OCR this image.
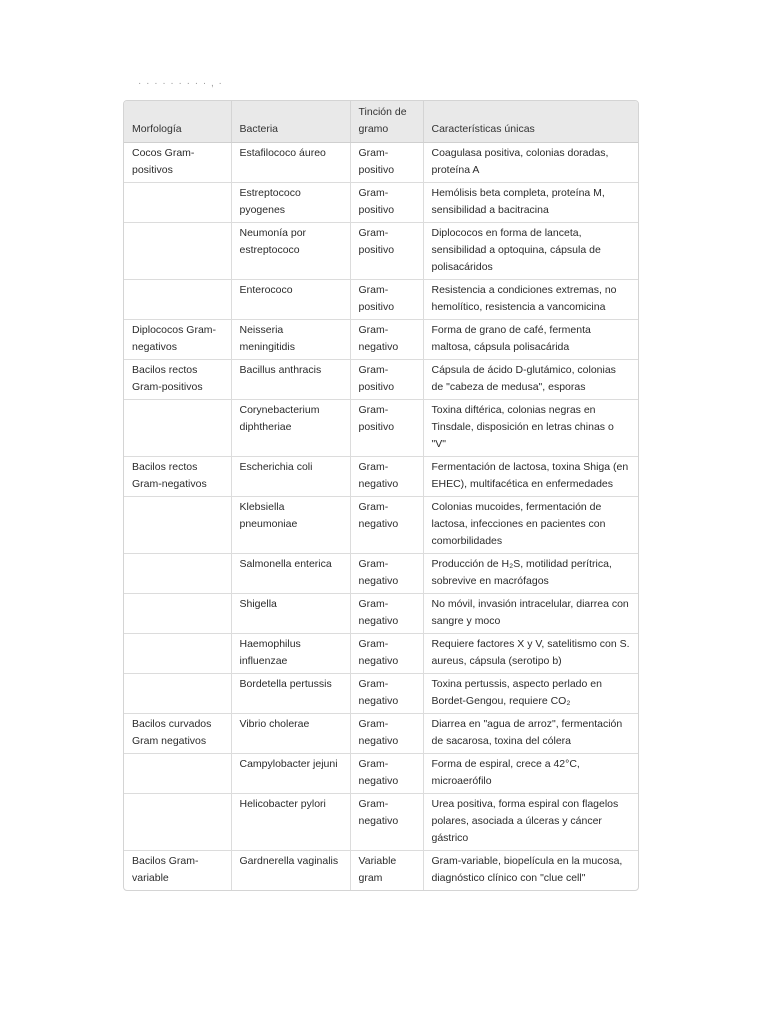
· · · · · · · · · , ·
Morfología	Bacteria	Tinción de gramo	Características únicas
Cocos Gram-positivos	Estafilococo áureo	Gram-positivo	Coagulasa positiva, colonias doradas, proteína A
	Estreptococo pyogenes	Gram-positivo	Hemólisis beta completa, proteína M, sensibilidad a bacitracina
	Neumonía por estreptococo	Gram-positivo	Diplococos en forma de lanceta, sensibilidad a optoquina, cápsula de polisacáridos
	Enterococo	Gram-positivo	Resistencia a condiciones extremas, no hemolítico, resistencia a vancomicina
Diplococos Gram-negativos	Neisseria meningitidis	Gram-negativo	Forma de grano de café, fermenta maltosa, cápsula polisacárida
Bacilos rectos Gram-positivos	Bacillus anthracis	Gram-positivo	Cápsula de ácido D-glutámico, colonias de "cabeza de medusa", esporas
	Corynebacterium diphtheriae	Gram-positivo	Toxina diftérica, colonias negras en Tinsdale, disposición en letras chinas o "V"
Bacilos rectos Gram-negativos	Escherichia coli	Gram-negativo	Fermentación de lactosa, toxina Shiga (en EHEC), multifacética en enfermedades
	Klebsiella pneumoniae	Gram-negativo	Colonias mucoides, fermentación de lactosa, infecciones en pacientes con comorbilidades
	Salmonella enterica	Gram-negativo	Producción de H₂S, motilidad perítrica, sobrevive en macrófagos
	Shigella	Gram-negativo	No móvil, invasión intracelular, diarrea con sangre y moco
	Haemophilus influenzae	Gram-negativo	Requiere factores X y V, satelitismo con S. aureus, cápsula (serotipo b)
	Bordetella pertussis	Gram-negativo	Toxina pertussis, aspecto perlado en Bordet-Gengou, requiere CO₂
Bacilos curvados Gram negativos	Vibrio cholerae	Gram-negativo	Diarrea en "agua de arroz", fermentación de sacarosa, toxina del cólera
	Campylobacter jejuni	Gram-negativo	Forma de espiral, crece a 42°C, microaerófilo
	Helicobacter pylori	Gram-negativo	Urea positiva, forma espiral con flagelos polares, asociada a úlceras y cáncer gástrico
Bacilos Gram-variable	Gardnerella vaginalis	Variable gram	Gram-variable, biopelícula en la mucosa, diagnóstico clínico con "clue cell"
